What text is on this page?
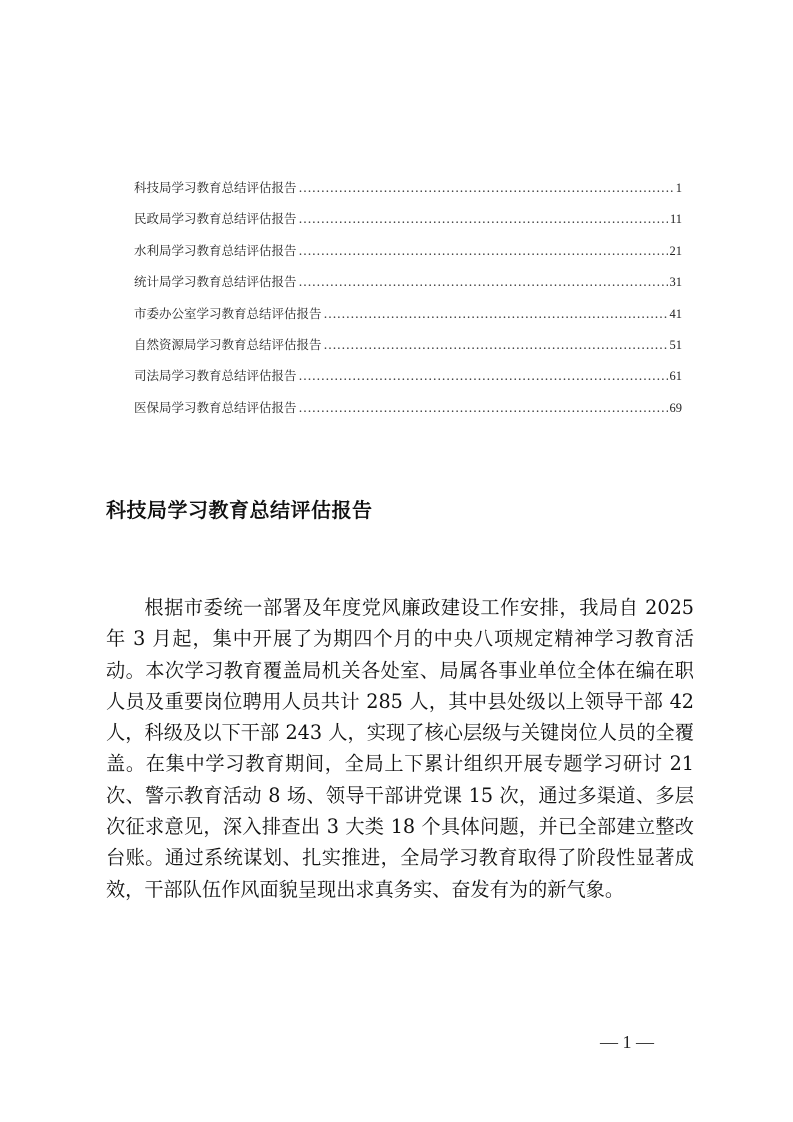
科技局学习教育总结评估报告 .....	1
民政局学习教育总结评估报告 .....	11
水利局学习教育总结评估报告 .....	21
统计局学习教育总结评估报告 .....	31
市委办公室学习教育总结评估报告 .....	41
自然资源局学习教育总结评估报告 .....	51
司法局学习教育总结评估报告 .....	61
医保局学习教育总结评估报告 .....	69
科技局学习教育总结评估报告

根据市委统一部署及年度党风廉政建设工作安排，我局自 2025 年 3 月起，集中开展了为期四个月的中央八项规定精神学习教育活动。本次学习教育覆盖局机关各处室、局属各事业单位全体在编在职人员及重要岗位聘用人员共计 285 人，其中县处级以上领导干部 42 人，科级及以下干部 243 人，实现了核心层级与关键岗位人员的全覆盖。在集中学习教育期间，全局上下累计组织开展专题学习研讨 21 次、警示教育活动 8 场、领导干部讲党课 15 次，通过多渠道、多层次征求意见，深入排查出 3 大类 18 个具体问题，并已全部建立整改台账。通过系统谋划、扎实推进，全局学习教育取得了阶段性显著成效，干部队伍作风面貌呈现出求真务实、奋发有为的新气象。

— 1 —
